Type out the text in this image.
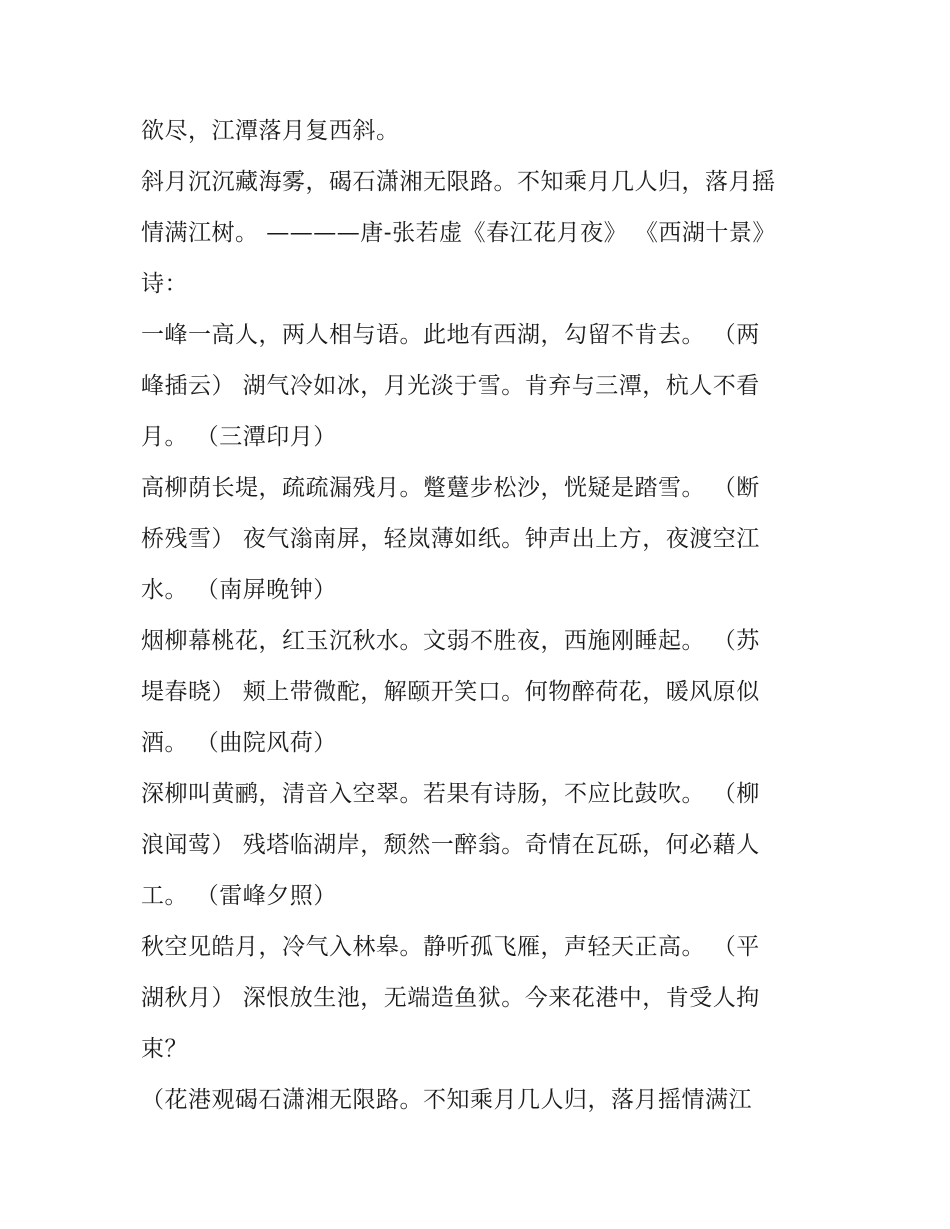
欲尽，江潭落月复西斜。
斜月沉沉藏海雾，碣石潇湘无限路。不知乘月几人归，落月摇
情满江树。 ————唐-张若虚《春江花月夜》 《西湖十景》
诗：
一峰一高人，两人相与语。此地有西湖，勾留不肯去。 （两
峰插云） 湖气冷如冰，月光淡于雪。肯弃与三潭，杭人不看
月。 （三潭印月）
高柳荫长堤，疏疏漏残月。蹩躠步松沙，恍疑是踏雪。 （断
桥残雪） 夜气滃南屏，轻岚薄如纸。钟声出上方，夜渡空江
水。 （南屏晚钟）
烟柳幕桃花，红玉沉秋水。文弱不胜夜，西施刚睡起。 （苏
堤春晓） 颊上带微酡，解颐开笑口。何物醉荷花，暖风原似
酒。 （曲院风荷）
深柳叫黄鹂，清音入空翠。若果有诗肠，不应比鼓吹。 （柳
浪闻莺） 残塔临湖岸，颓然一醉翁。奇情在瓦砾，何必藉人
工。 （雷峰夕照）
秋空见皓月，冷气入林皋。静听孤飞雁，声轻天正高。 （平
湖秋月） 深恨放生池，无端造鱼狱。今来花港中，肯受人拘
束？
（花港观碣石潇湘无限路。不知乘月几人归，落月摇情满江
